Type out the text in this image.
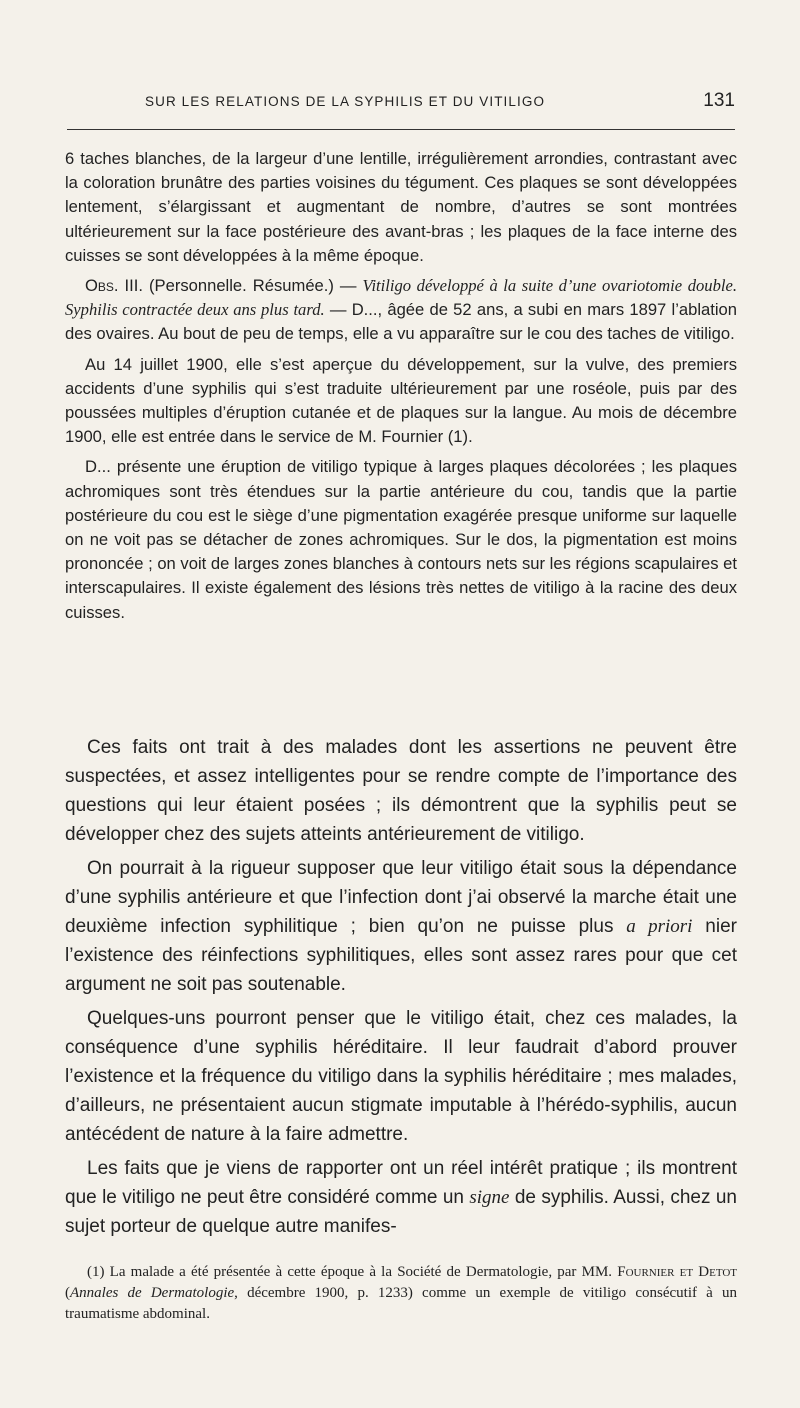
SUR LES RELATIONS DE LA SYPHILIS ET DU VITILIGO	131

6 taches blanches, de la largeur d’une lentille, irrégulièrement arrondies, contrastant avec la coloration brunâtre des parties voisines du tégument. Ces plaques se sont développées lentement, s’élargissant et augmentant de nombre, d’autres se sont montrées ultérieurement sur la face postérieure des avant-bras ; les plaques de la face interne des cuisses se sont développées à la même époque.

Obs. III. (Personnelle. Résumée.) — Vitiligo développé à la suite d’une ovariotomie double. Syphilis contractée deux ans plus tard. — D..., âgée de 52 ans, a subi en mars 1897 l’ablation des ovaires. Au bout de peu de temps, elle a vu apparaître sur le cou des taches de vitiligo.

Au 14 juillet 1900, elle s’est aperçue du développement, sur la vulve, des premiers accidents d’une syphilis qui s’est traduite ultérieurement par une roséole, puis par des poussées multiples d’éruption cutanée et de plaques sur la langue. Au mois de décembre 1900, elle est entrée dans le service de M. Fournier (1).

D... présente une éruption de vitiligo typique à larges plaques décolorées ; les plaques achromiques sont très étendues sur la partie antérieure du cou, tandis que la partie postérieure du cou est le siège d’une pigmentation exagérée presque uniforme sur laquelle on ne voit pas se détacher de zones achromiques. Sur le dos, la pigmentation est moins prononcée ; on voit de larges zones blanches à contours nets sur les régions scapulaires et interscapulaires. Il existe également des lésions très nettes de vitiligo à la racine des deux cuisses.

Ces faits ont trait à des malades dont les assertions ne peuvent être suspectées, et assez intelligentes pour se rendre compte de l’importance des questions qui leur étaient posées ; ils démontrent que la syphilis peut se développer chez des sujets atteints antérieurement de vitiligo.

On pourrait à la rigueur supposer que leur vitiligo était sous la dépendance d’une syphilis antérieure et que l’infection dont j’ai observé la marche était une deuxième infection syphilitique ; bien qu’on ne puisse plus a priori nier l’existence des réinfections syphilitiques, elles sont assez rares pour que cet argument ne soit pas soutenable.

Quelques-uns pourront penser que le vitiligo était, chez ces malades, la conséquence d’une syphilis héréditaire. Il leur faudrait d’abord prouver l’existence et la fréquence du vitiligo dans la syphilis héréditaire ; mes malades, d’ailleurs, ne présentaient aucun stigmate imputable à l’hérédo-syphilis, aucun antécédent de nature à la faire admettre.

Les faits que je viens de rapporter ont un réel intérêt pratique ; ils montrent que le vitiligo ne peut être considéré comme un signe de syphilis. Aussi, chez un sujet porteur de quelque autre manifes-

(1) La malade a été présentée à cette époque à la Société de Dermatologie, par MM. Fournier et Detot (Annales de Dermatologie, décembre 1900, p. 1233) comme un exemple de vitiligo consécutif à un traumatisme abdominal.
